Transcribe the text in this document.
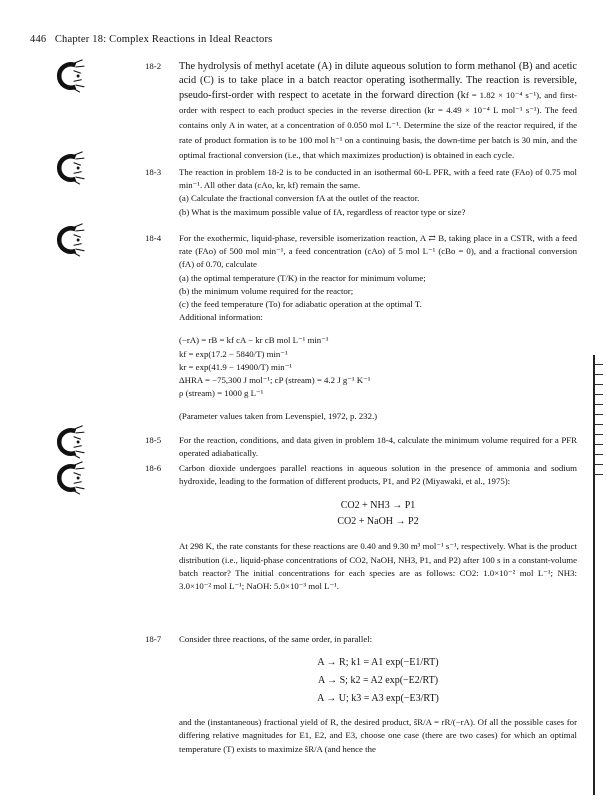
446 Chapter 18: Complex Reactions in Ideal Reactors
18-2	The hydrolysis of methyl acetate (A) in dilute aqueous solution to form methanol (B) and acetic acid (C) is to take place in a batch reactor operating isothermally. The reaction is reversible, pseudo-first-order with respect to acetate in the forward direction (kf = 1.82 × 10⁻⁴ s⁻¹), and first-order with respect to each product species in the reverse direction (kr = 4.49 × 10⁻⁴ L mol⁻¹ s⁻¹). The feed contains only A in water, at a concentration of 0.050 mol L⁻¹. Determine the size of the reactor required, if the rate of product formation is to be 100 mol h⁻¹ on a continuing basis, the down-time per batch is 30 min, and the optimal fractional conversion (i.e., that which maximizes production) is obtained in each cycle.

18-3	The reaction in problem 18-2 is to be conducted in an isothermal 60-L PFR, with a feed rate (FAo) of 0.75 mol min⁻¹. All other data (cAo, kr, kf) remain the same.

(a) Calculate the fractional conversion fA at the outlet of the reactor.

(b) What is the maximum possible value of fA, regardless of reactor type or size?

18-4	For the exothermic, liquid-phase, reversible isomerization reaction, A ⇄ B, taking place in a CSTR, with a feed rate (FAo) of 500 mol min⁻¹, a feed concentration (cAo) of 5 mol L⁻¹ (cBo = 0), and a fractional conversion (fA) of 0.70, calculate

(a) the optimal temperature (T/K) in the reactor for minimum volume;

(b) the minimum volume required for the reactor;

(c) the feed temperature (To) for adiabatic operation at the optimal T.

Additional information:

(−rA) = rB = kf cA − kr cB mol L⁻¹ min⁻¹

kf = exp(17.2 − 5840/T) min⁻¹

kr = exp(41.9 − 14900/T) min⁻¹

ΔHRA = −75,300 J mol⁻¹; cP (stream) = 4.2 J g⁻¹ K⁻¹

ρ (stream) = 1000 g L⁻¹

(Parameter values taken from Levenspiel, 1972, p. 232.)

18-5	For the reaction, conditions, and data given in problem 18-4, calculate the minimum volume required for a PFR operated adiabatically.

18-6	Carbon dioxide undergoes parallel reactions in aqueous solution in the presence of ammonia and sodium hydroxide, leading to the formation of different products, P1, and P2 (Miyawaki, et al., 1975):

CO2 + NH3 → P1

CO2 + NaOH → P2

At 298 K, the rate constants for these reactions are 0.40 and 9.30 m³ mol⁻¹ s⁻¹, respectively. What is the product distribution (i.e., liquid-phase concentrations of CO2, NaOH, NH3, P1, and P2) after 100 s in a constant-volume batch reactor? The initial concentrations for each species are as follows: CO2: 1.0×10⁻² mol L⁻¹; NH3: 3.0×10⁻² mol L⁻¹; NaOH: 5.0×10⁻³ mol L⁻¹.

18-7	Consider three reactions, of the same order, in parallel:

A → R; k1 = A1 exp(−E1/RT)

A → S; k2 = A2 exp(−E2/RT)

A → U; k3 = A3 exp(−E3/RT)

and the (instantaneous) fractional yield of R, the desired product, ŝR/A = rR/(−rA). Of all the possible cases for differing relative magnitudes for E1, E2, and E3, choose one case (there are two cases) for which an optimal temperature (T) exists to maximize ŝR/A (and hence the
